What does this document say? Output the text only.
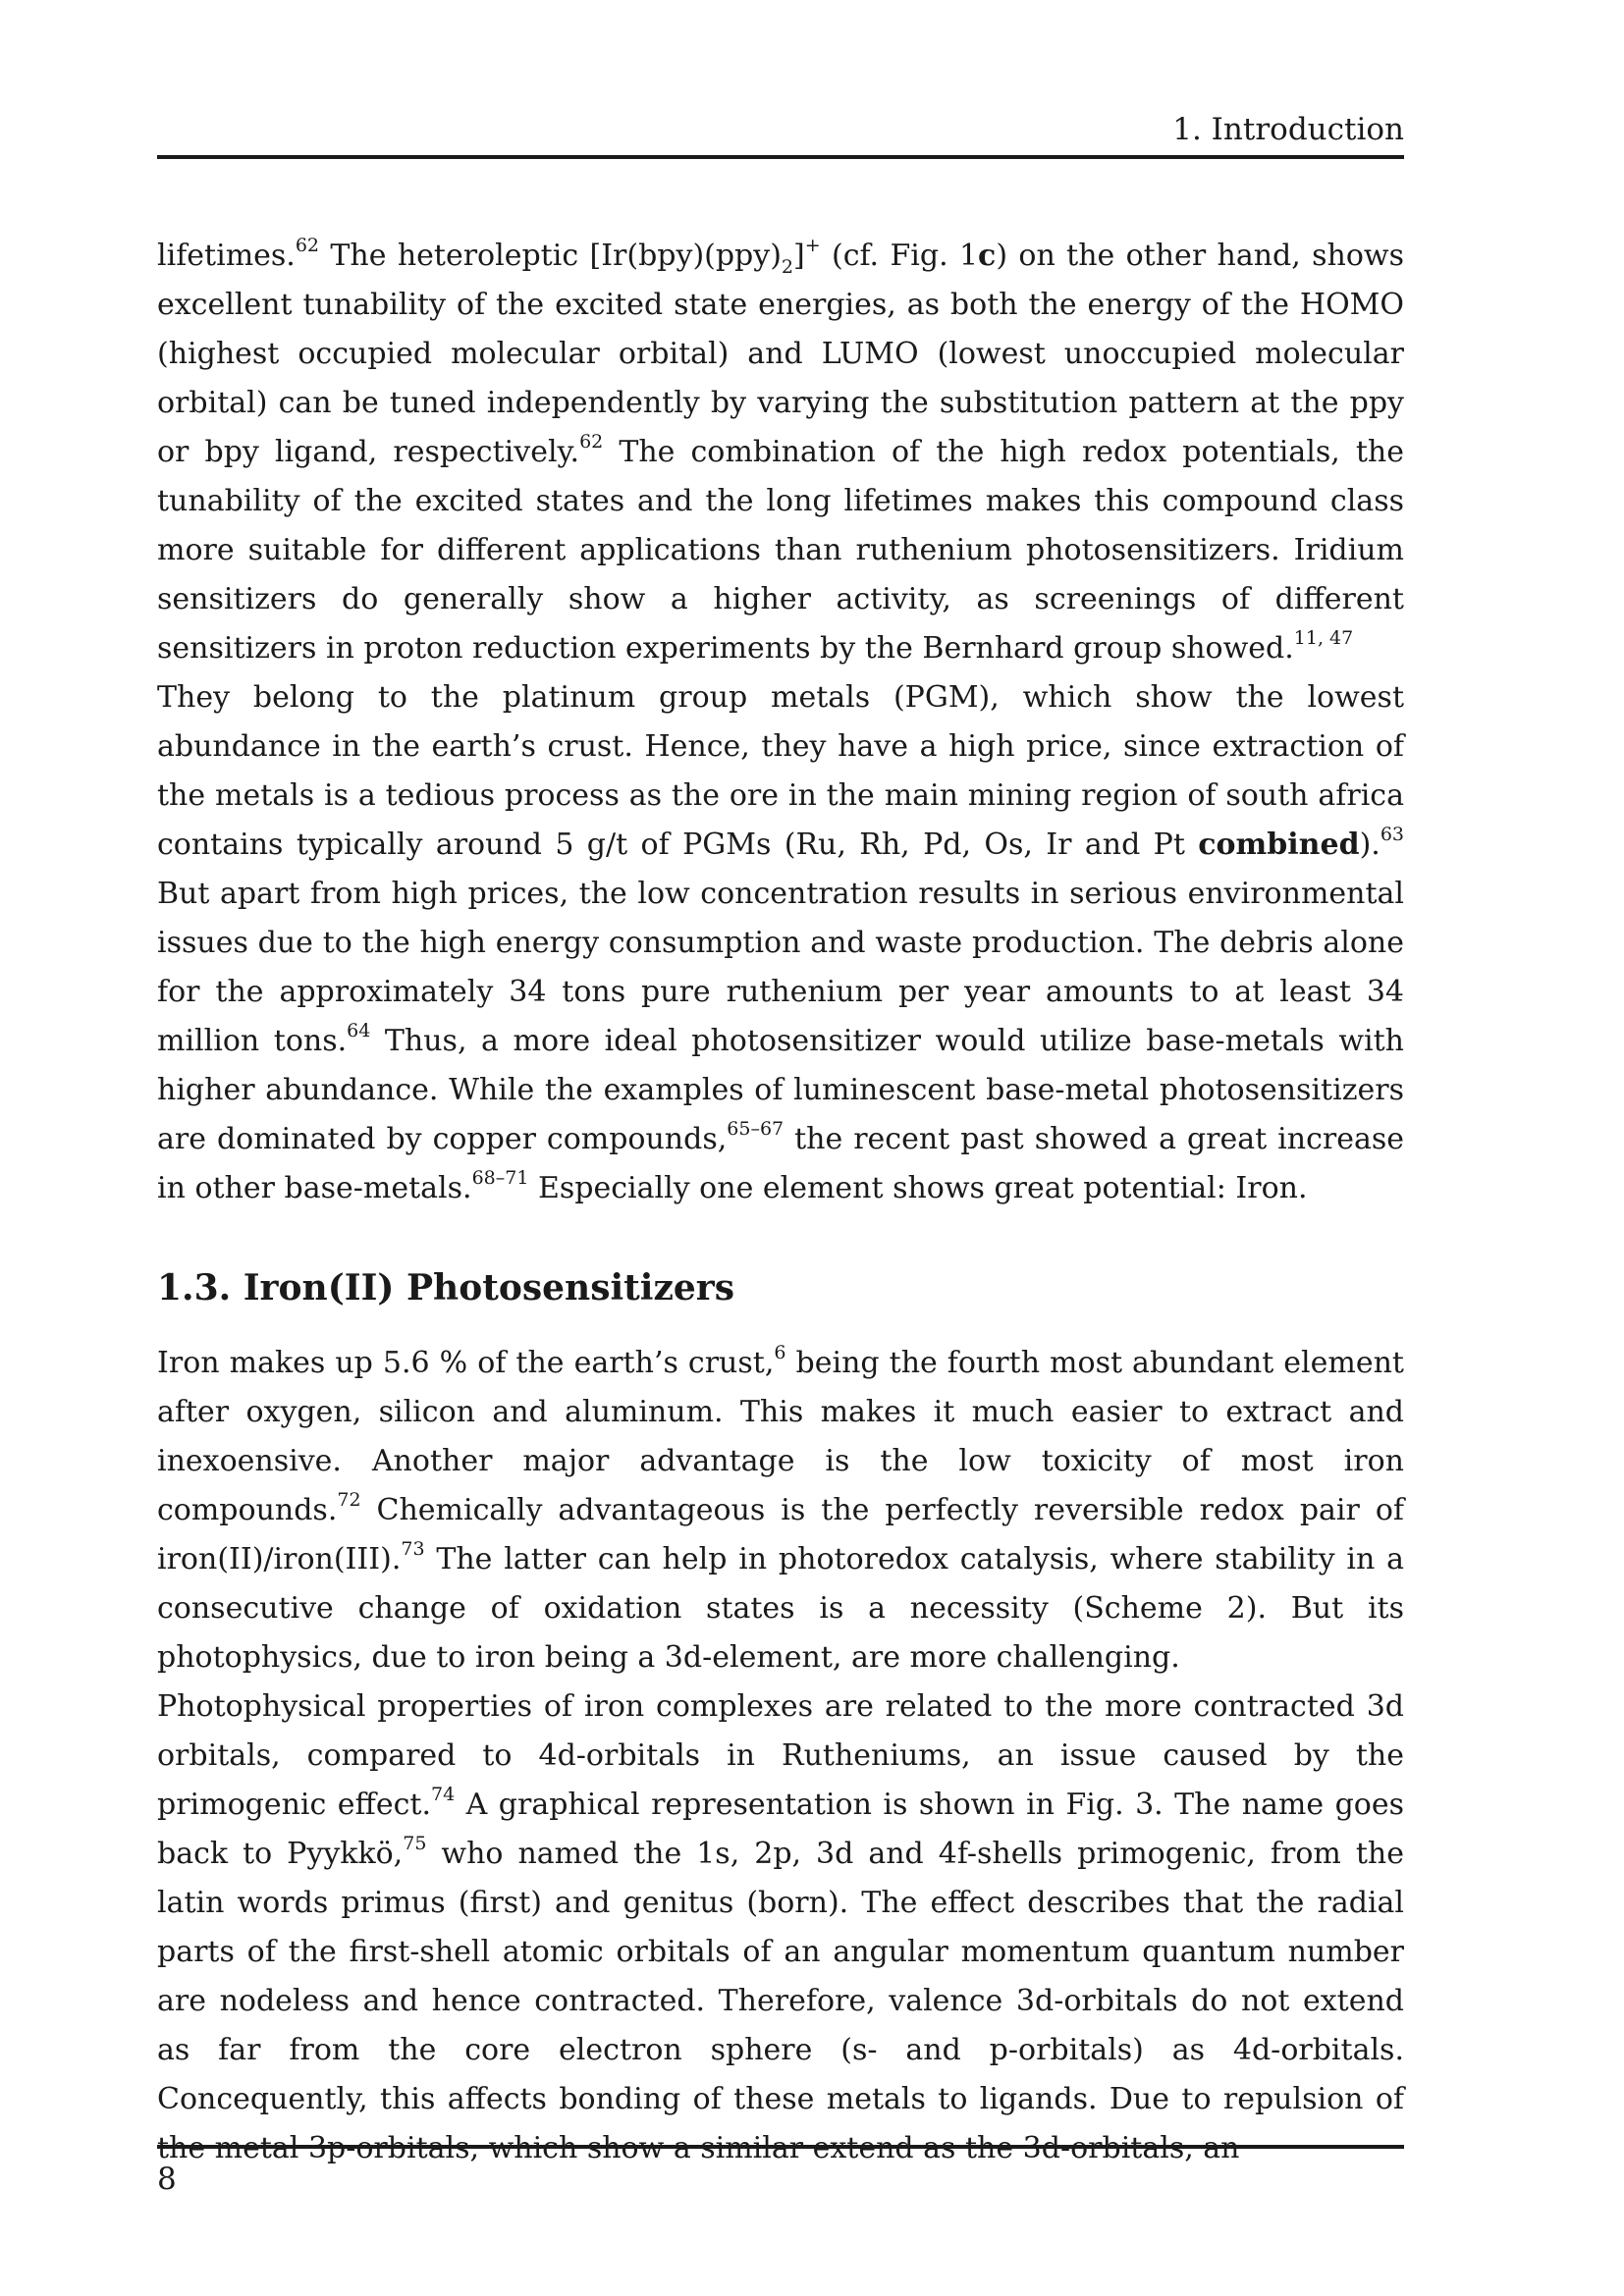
1. Introduction

lifetimes.$^{62}$ The heteroleptic $[Ir(bpy)(ppy)_2]^+$ (cf. Fig. 1c) on the other hand, shows excellent tunability of the excited state energies, as both the energy of the HOMO (highest occupied molecular orbital) and LUMO (lowest unoccupied molecular orbital) can be tuned independently by varying the substitution pattern at the ppy or bpy ligand, respectively.$^{62}$ The combination of the high redox potentials, the tunability of the excited states and the long lifetimes makes this compound class more suitable for different applications than ruthenium photosensitizers. Iridium sensitizers do generally show a higher activity, as screenings of different sensitizers in proton reduction experiments by the Bernhard group showed.$^{11, 47}$

They belong to the platinum group metals (PGM), which show the lowest abundance in the earth’s crust. Hence, they have a high price, since extraction of the metals is a tedious process as the ore in the main mining region of south africa contains typically around 5 g/t of PGMs (Ru, Rh, Pd, Os, Ir and Pt combined).$^{63}$ But apart from high prices, the low concentration results in serious environmental issues due to the high energy consumption and waste production. The debris alone for the approximately 34 tons pure ruthenium per year amounts to at least 34 million tons.$^{64}$ Thus, a more ideal photosensitizer would utilize base-metals with higher abundance. While the examples of luminescent base-metal photosensitizers are dominated by copper compounds,$^{65-67}$ the recent past showed a great increase in other base-metals.$^{68-71}$ Especially one element shows great potential: Iron.

1.3. Iron(II) Photosensitizers

Iron makes up 5.6 % of the earth’s crust,$^6$ being the fourth most abundant element after oxygen, silicon and aluminum. This makes it much easier to extract and inexoensive. Another major advantage is the low toxicity of most iron compounds.$^{72}$ Chemically advantageous is the perfectly reversible redox pair of iron(II)/iron(III).$^{73}$ The latter can help in photoredox catalysis, where stability in a consecutive change of oxidation states is a necessity (Scheme 2). But its photophysics, due to iron being a 3d-element, are more challenging.

Photophysical properties of iron complexes are related to the more contracted 3d orbitals, compared to 4d-orbitals in Rutheniums, an issue caused by the primogenic effect.$^{74}$ A graphical representation is shown in Fig. 3. The name goes back to Pyykkö,$^{75}$ who named the 1s, 2p, 3d and 4f-shells primogenic, from the latin words primus (first) and genitus (born). The effect describes that the radial parts of the first-shell atomic orbitals of an angular momentum quantum number are nodeless and hence contracted. Therefore, valence 3d-orbitals do not extend as far from the core electron sphere (s- and p-orbitals) as 4d-orbitals. Concequently, this affects bonding of these metals to ligands. Due to repulsion of

8
